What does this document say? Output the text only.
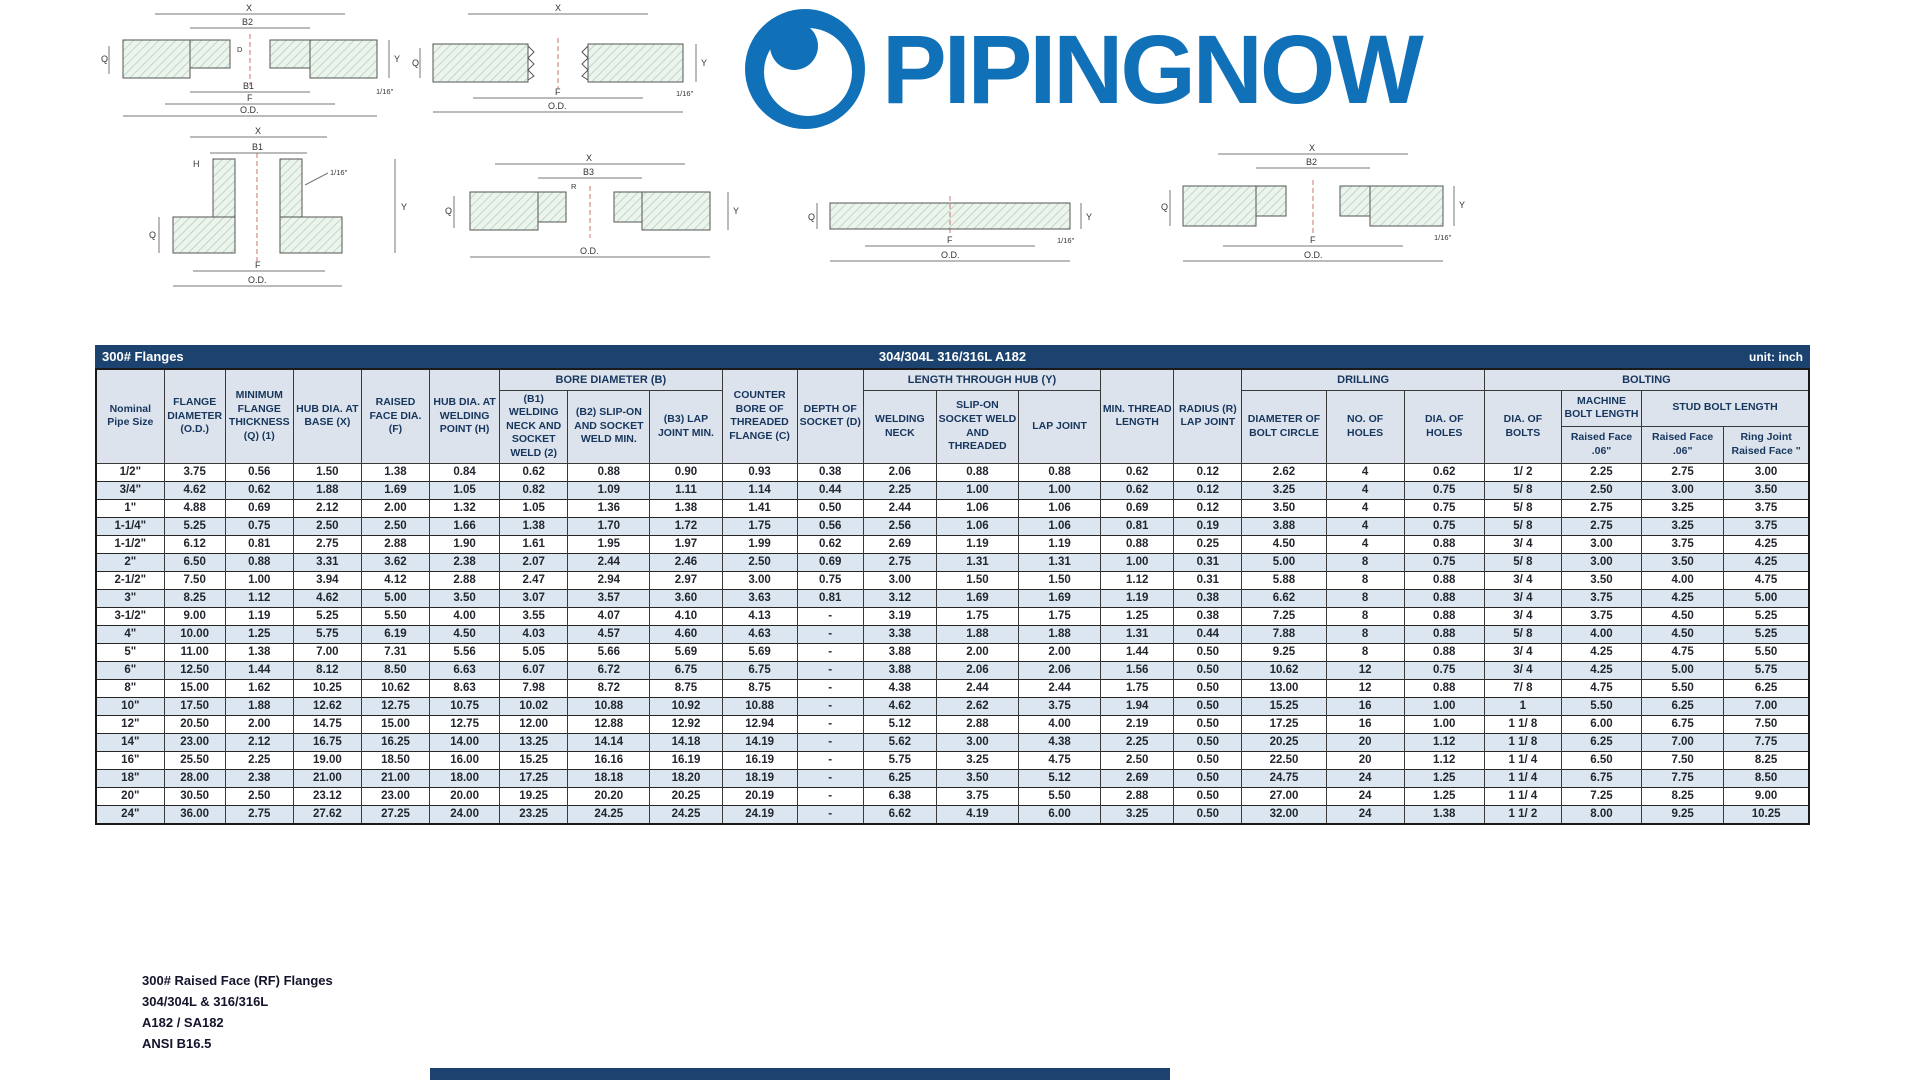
X
B2
D
B1
F
O.D.
Q	Y
1/16"
X
F
O.D.
Q	Y
1/16"
X
H
B1
1/16"
Q
Y
F
O.D.
X
B3
R
Q	Y
O.D.
Q
F
O.D.
Y
1/16"
X
B2
Q	Y
1/16"
F
O.D.
PIPINGNOW
300# Flanges	304/304L 316/316L A182	unit: inch
Nominal Pipe Size	FLANGE DIAMETER (O.D.)	MINIMUM FLANGE THICKNESS (Q) (1)	HUB DIA. AT BASE (X)	RAISED FACE DIA. (F)	HUB DIA. AT WELDING POINT (H)	BORE DIAMETER (B)			COUNTER BORE OF THREADED FLANGE (C)	DEPTH OF SOCKET (D)	LENGTH THROUGH HUB (Y)			MIN. THREAD LENGTH	RADIUS (R) LAP JOINT	DRILLING			BOLTING			
						(B1) WELDING NECK AND SOCKET WELD (2)	(B2) SLIP-ON AND SOCKET WELD MIN.	(B3) LAP JOINT MIN.			WELDING NECK	SLIP-ON SOCKET WELD AND THREADED	LAP JOINT			DIAMETER OF BOLT CIRCLE	NO. OF HOLES	DIA. OF HOLES	DIA. OF BOLTS	MACHINE BOLT LENGTH	STUD BOLT LENGTH	
																				Raised Face .06"	Raised Face .06"	Ring Joint Raised Face "
1/2"	3.75	0.56	1.50	1.38	0.84	0.62	0.88	0.90	0.93	0.38	2.06	0.88	0.88	0.62	0.12	2.62	4	0.62	1/ 2	2.25	2.75	3.00
3/4"	4.62	0.62	1.88	1.69	1.05	0.82	1.09	1.11	1.14	0.44	2.25	1.00	1.00	0.62	0.12	3.25	4	0.75	5/ 8	2.50	3.00	3.50
1"	4.88	0.69	2.12	2.00	1.32	1.05	1.36	1.38	1.41	0.50	2.44	1.06	1.06	0.69	0.12	3.50	4	0.75	5/ 8	2.75	3.25	3.75
1-1/4"	5.25	0.75	2.50	2.50	1.66	1.38	1.70	1.72	1.75	0.56	2.56	1.06	1.06	0.81	0.19	3.88	4	0.75	5/ 8	2.75	3.25	3.75
1-1/2"	6.12	0.81	2.75	2.88	1.90	1.61	1.95	1.97	1.99	0.62	2.69	1.19	1.19	0.88	0.25	4.50	4	0.88	3/ 4	3.00	3.75	4.25
2"	6.50	0.88	3.31	3.62	2.38	2.07	2.44	2.46	2.50	0.69	2.75	1.31	1.31	1.00	0.31	5.00	8	0.75	5/ 8	3.00	3.50	4.25
2-1/2"	7.50	1.00	3.94	4.12	2.88	2.47	2.94	2.97	3.00	0.75	3.00	1.50	1.50	1.12	0.31	5.88	8	0.88	3/ 4	3.50	4.00	4.75
3"	8.25	1.12	4.62	5.00	3.50	3.07	3.57	3.60	3.63	0.81	3.12	1.69	1.69	1.19	0.38	6.62	8	0.88	3/ 4	3.75	4.25	5.00
3-1/2"	9.00	1.19	5.25	5.50	4.00	3.55	4.07	4.10	4.13	-	3.19	1.75	1.75	1.25	0.38	7.25	8	0.88	3/ 4	3.75	4.50	5.25
4"	10.00	1.25	5.75	6.19	4.50	4.03	4.57	4.60	4.63	-	3.38	1.88	1.88	1.31	0.44	7.88	8	0.88	5/ 8	4.00	4.50	5.25
5"	11.00	1.38	7.00	7.31	5.56	5.05	5.66	5.69	5.69	-	3.88	2.00	2.00	1.44	0.50	9.25	8	0.88	3/ 4	4.25	4.75	5.50
6"	12.50	1.44	8.12	8.50	6.63	6.07	6.72	6.75	6.75	-	3.88	2.06	2.06	1.56	0.50	10.62	12	0.75	3/ 4	4.25	5.00	5.75
8"	15.00	1.62	10.25	10.62	8.63	7.98	8.72	8.75	8.75	-	4.38	2.44	2.44	1.75	0.50	13.00	12	0.88	7/ 8	4.75	5.50	6.25
10"	17.50	1.88	12.62	12.75	10.75	10.02	10.88	10.92	10.88	-	4.62	2.62	3.75	1.94	0.50	15.25	16	1.00	1	5.50	6.25	7.00
12"	20.50	2.00	14.75	15.00	12.75	12.00	12.88	12.92	12.94	-	5.12	2.88	4.00	2.19	0.50	17.25	16	1.00	1 1/ 8	6.00	6.75	7.50
14"	23.00	2.12	16.75	16.25	14.00	13.25	14.14	14.18	14.19	-	5.62	3.00	4.38	2.25	0.50	20.25	20	1.12	1 1/ 8	6.25	7.00	7.75
16"	25.50	2.25	19.00	18.50	16.00	15.25	16.16	16.19	16.19	-	5.75	3.25	4.75	2.50	0.50	22.50	20	1.12	1 1/ 4	6.50	7.50	8.25
18"	28.00	2.38	21.00	21.00	18.00	17.25	18.18	18.20	18.19	-	6.25	3.50	5.12	2.69	0.50	24.75	24	1.25	1 1/ 4	6.75	7.75	8.50
20"	30.50	2.50	23.12	23.00	20.00	19.25	20.20	20.25	20.19	-	6.38	3.75	5.50	2.88	0.50	27.00	24	1.25	1 1/ 4	7.25	8.25	9.00
24"	36.00	2.75	27.62	27.25	24.00	23.25	24.25	24.25	24.19	-	6.62	4.19	6.00	3.25	0.50	32.00	24	1.38	1 1/ 2	8.00	9.25	10.25
300# Raised Face (RF) Flanges
304/304L & 316/316L
A182 / SA182
ANSI B16.5
